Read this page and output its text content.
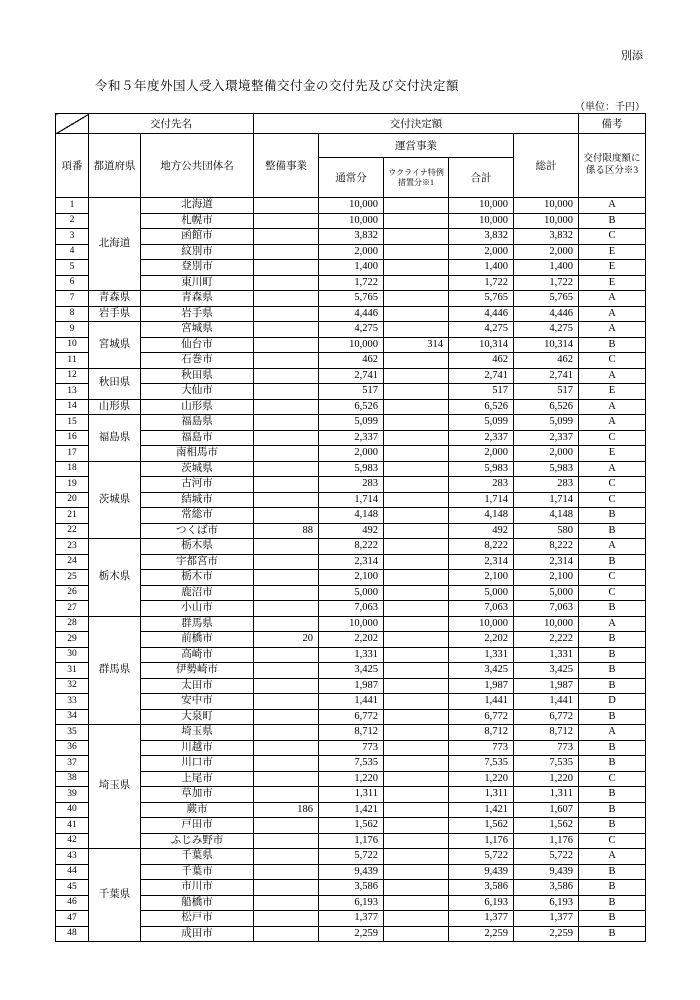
別添
令和５年度外国人受入環境整備交付金の交付先及び交付決定額
（単位：千円）
	交付先名		交付決定額					備考
項番	都道府県	地方公共団体名	整備事業	運営事業			総計	交付限度額に係る区分※3
				通常分	ウクライナ特例措置分※1	合計		
1	北海道	北海道		10,000		10,000	10,000	A
2		札幌市		10,000		10,000	10,000	B
3		函館市		3,832		3,832	3,832	C
4		紋別市		2,000		2,000	2,000	E
5		登別市		1,400		1,400	1,400	E
6		東川町		1,722		1,722	1,722	E
7	青森県	青森県		5,765		5,765	5,765	A
8	岩手県	岩手県		4,446		4,446	4,446	A
9	宮城県	宮城県		4,275		4,275	4,275	A
10		仙台市		10,000	314	10,314	10,314	B
11		石巻市		462		462	462	C
12	秋田県	秋田県		2,741		2,741	2,741	A
13		大仙市		517		517	517	E
14	山形県	山形県		6,526		6,526	6,526	A
15	福島県	福島県		5,099		5,099	5,099	A
16		福島市		2,337		2,337	2,337	C
17		南相馬市		2,000		2,000	2,000	E
18	茨城県	茨城県		5,983		5,983	5,983	A
19		古河市		283		283	283	C
20		結城市		1,714		1,714	1,714	C
21		常総市		4,148		4,148	4,148	B
22		つくば市	88	492		492	580	B
23	栃木県	栃木県		8,222		8,222	8,222	A
24		宇都宮市		2,314		2,314	2,314	B
25		栃木市		2,100		2,100	2,100	C
26		鹿沼市		5,000		5,000	5,000	C
27		小山市		7,063		7,063	7,063	B
28	群馬県	群馬県		10,000		10,000	10,000	A
29		前橋市	20	2,202		2,202	2,222	B
30		高崎市		1,331		1,331	1,331	B
31		伊勢崎市		3,425		3,425	3,425	B
32		太田市		1,987		1,987	1,987	B
33		安中市		1,441		1,441	1,441	D
34		大泉町		6,772		6,772	6,772	B
35	埼玉県	埼玉県		8,712		8,712	8,712	A
36		川越市		773		773	773	B
37		川口市		7,535		7,535	7,535	B
38		上尾市		1,220		1,220	1,220	C
39		草加市		1,311		1,311	1,311	B
40		蕨市	186	1,421		1,421	1,607	B
41		戸田市		1,562		1,562	1,562	B
42		ふじみ野市		1,176		1,176	1,176	C
43	千葉県	千葉県		5,722		5,722	5,722	A
44		千葉市		9,439		9,439	9,439	B
45		市川市		3,586		3,586	3,586	B
46		船橋市		6,193		6,193	6,193	B
47		松戸市		1,377		1,377	1,377	B
48		成田市		2,259		2,259	2,259	B
